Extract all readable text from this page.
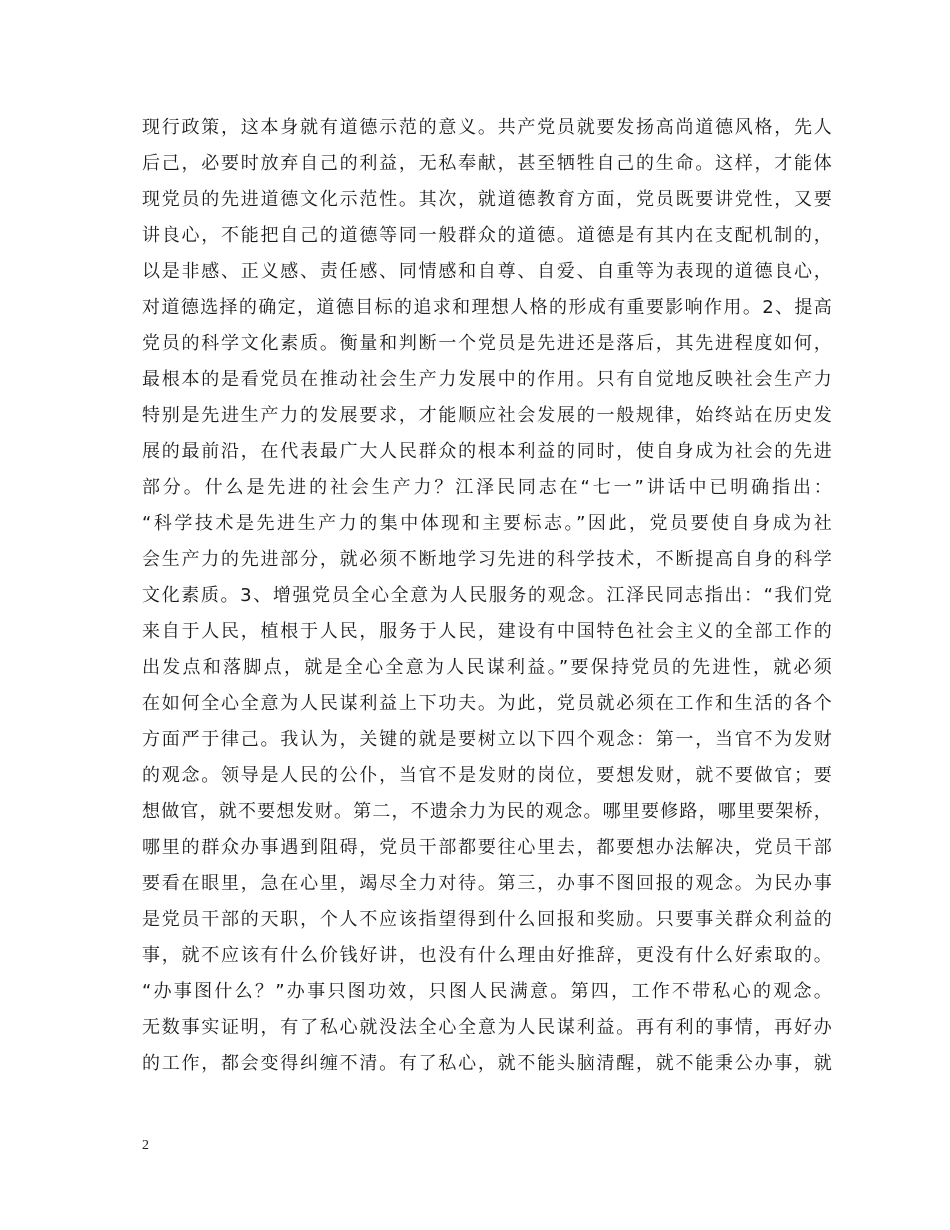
现行政策，这本身就有道德示范的意义。共产党员就要发扬高尚道德风格，先人
后己，必要时放弃自己的利益，无私奉献，甚至牺牲自己的生命。这样，才能体
现党员的先进道德文化示范性。其次，就道德教育方面，党员既要讲党性，又要
讲良心，不能把自己的道德等同一般群众的道德。道德是有其内在支配机制的，
以是非感、正义感、责任感、同情感和自尊、自爱、自重等为表现的道德良心，
对道德选择的确定，道德目标的追求和理想人格的形成有重要影响作用。2、提高
党员的科学文化素质。衡量和判断一个党员是先进还是落后，其先进程度如何，
最根本的是看党员在推动社会生产力发展中的作用。只有自觉地反映社会生产力
特别是先进生产力的发展要求，才能顺应社会发展的一般规律，始终站在历史发
展的最前沿，在代表最广大人民群众的根本利益的同时，使自身成为社会的先进
部分。什么是先进的社会生产力？江泽民同志在“七一”讲话中已明确指出：
“科学技术是先进生产力的集中体现和主要标志。”因此，党员要使自身成为社
会生产力的先进部分，就必须不断地学习先进的科学技术，不断提高自身的科学
文化素质。3、增强党员全心全意为人民服务的观念。江泽民同志指出：“我们党
来自于人民，植根于人民，服务于人民，建设有中国特色社会主义的全部工作的
出发点和落脚点，就是全心全意为人民谋利益。”要保持党员的先进性，就必须
在如何全心全意为人民谋利益上下功夫。为此，党员就必须在工作和生活的各个
方面严于律己。我认为，关键的就是要树立以下四个观念：第一，当官不为发财
的观念。领导是人民的公仆，当官不是发财的岗位，要想发财，就不要做官；要
想做官，就不要想发财。第二，不遗余力为民的观念。哪里要修路，哪里要架桥，
哪里的群众办事遇到阻碍，党员干部都要往心里去，都要想办法解决，党员干部
要看在眼里，急在心里，竭尽全力对待。第三，办事不图回报的观念。为民办事
是党员干部的天职，个人不应该指望得到什么回报和奖励。只要事关群众利益的
事，就不应该有什么价钱好讲，也没有什么理由好推辞，更没有什么好索取的。
“办事图什么？”办事只图功效，只图人民满意。第四，工作不带私心的观念。
无数事实证明，有了私心就没法全心全意为人民谋利益。再有利的事情，再好办
的工作，都会变得纠缠不清。有了私心，就不能头脑清醒，就不能秉公办事，就
2
